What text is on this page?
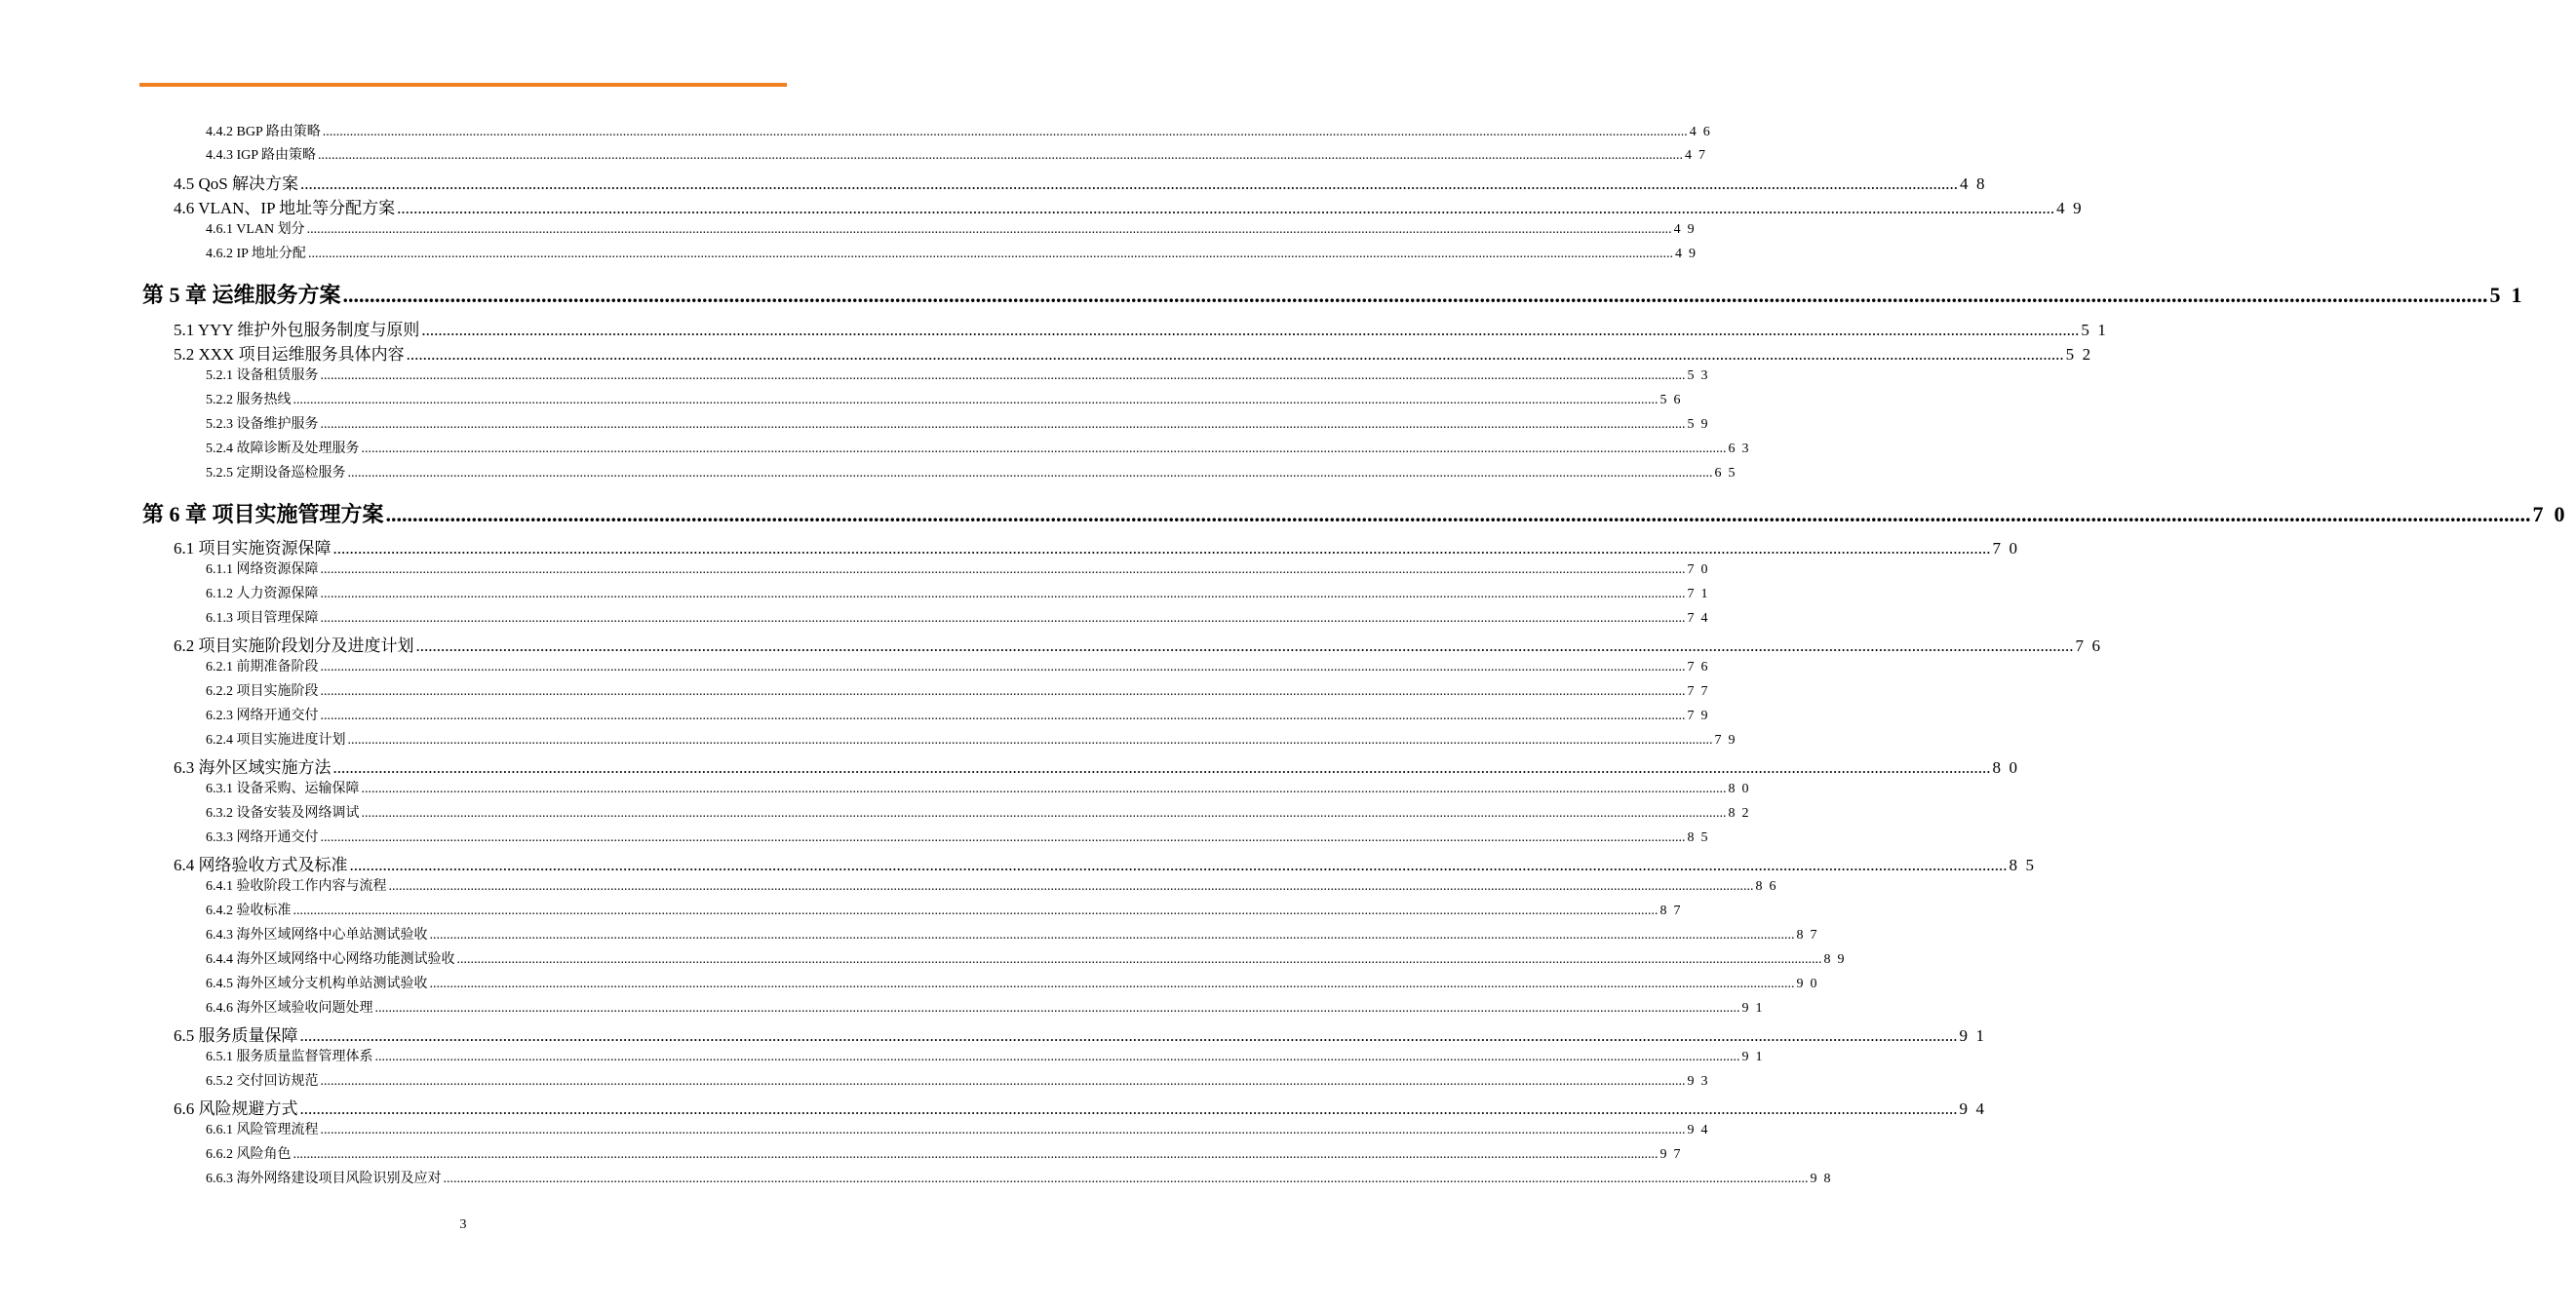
4.4.2 BGP 路由策略 ................................................................................................................................................................................................................................................................................................................................................................................................................ 46
4.4.3 IGP 路由策略 ................................................................................................................................................................................................................................................................................................................................................................................................................ 47
4.5 QoS 解决方案 ................................................................................................................................................................................................................................................................................................................................................................................................................ 48
4.6 VLAN、IP 地址等分配方案 ................................................................................................................................................................................................................................................................................................................................................................................................................ 49
4.6.1 VLAN 划分 ................................................................................................................................................................................................................................................................................................................................................................................................................ 49
4.6.2 IP 地址分配 ................................................................................................................................................................................................................................................................................................................................................................................................................ 49
第 5 章 运维服务方案 ................................................................................................................................................................................................................................................................................................................................................................................................................ 51
5.1 YYY 维护外包服务制度与原则 ................................................................................................................................................................................................................................................................................................................................................................................................................ 51
5.2 XXX 项目运维服务具体内容 ................................................................................................................................................................................................................................................................................................................................................................................................................ 52
5.2.1 设备租赁服务 ................................................................................................................................................................................................................................................................................................................................................................................................................ 53
5.2.2 服务热线 ................................................................................................................................................................................................................................................................................................................................................................................................................ 56
5.2.3 设备维护服务 ................................................................................................................................................................................................................................................................................................................................................................................................................ 59
5.2.4 故障诊断及处理服务 ................................................................................................................................................................................................................................................................................................................................................................................................................ 63
5.2.5 定期设备巡检服务 ................................................................................................................................................................................................................................................................................................................................................................................................................ 65
第 6 章 项目实施管理方案 ................................................................................................................................................................................................................................................................................................................................................................................................................ 70
6.1 项目实施资源保障 ................................................................................................................................................................................................................................................................................................................................................................................................................ 70
6.1.1 网络资源保障 ................................................................................................................................................................................................................................................................................................................................................................................................................ 70
6.1.2 人力资源保障 ................................................................................................................................................................................................................................................................................................................................................................................................................ 71
6.1.3 项目管理保障 ................................................................................................................................................................................................................................................................................................................................................................................................................ 74
6.2 项目实施阶段划分及进度计划 ................................................................................................................................................................................................................................................................................................................................................................................................................ 76
6.2.1 前期准备阶段 ................................................................................................................................................................................................................................................................................................................................................................................................................ 76
6.2.2 项目实施阶段 ................................................................................................................................................................................................................................................................................................................................................................................................................ 77
6.2.3 网络开通交付 ................................................................................................................................................................................................................................................................................................................................................................................................................ 79
6.2.4 项目实施进度计划 ................................................................................................................................................................................................................................................................................................................................................................................................................ 79
6.3 海外区域实施方法 ................................................................................................................................................................................................................................................................................................................................................................................................................ 80
6.3.1 设备采购、运输保障 ................................................................................................................................................................................................................................................................................................................................................................................................................ 80
6.3.2 设备安装及网络调试 ................................................................................................................................................................................................................................................................................................................................................................................................................ 82
6.3.3 网络开通交付 ................................................................................................................................................................................................................................................................................................................................................................................................................ 85
6.4 网络验收方式及标准 ................................................................................................................................................................................................................................................................................................................................................................................................................ 85
6.4.1 验收阶段工作内容与流程 ................................................................................................................................................................................................................................................................................................................................................................................................................ 86
6.4.2 验收标准 ................................................................................................................................................................................................................................................................................................................................................................................................................ 87
6.4.3 海外区域网络中心单站测试验收 ................................................................................................................................................................................................................................................................................................................................................................................................................ 87
6.4.4 海外区域网络中心网络功能测试验收 ................................................................................................................................................................................................................................................................................................................................................................................................................ 89
6.4.5 海外区域分支机构单站测试验收 ................................................................................................................................................................................................................................................................................................................................................................................................................ 90
6.4.6 海外区域验收问题处理 ................................................................................................................................................................................................................................................................................................................................................................................................................ 91
6.5 服务质量保障 ................................................................................................................................................................................................................................................................................................................................................................................................................ 91
6.5.1 服务质量监督管理体系 ................................................................................................................................................................................................................................................................................................................................................................................................................ 91
6.5.2 交付回访规范 ................................................................................................................................................................................................................................................................................................................................................................................................................ 93
6.6 风险规避方式 ................................................................................................................................................................................................................................................................................................................................................................................................................ 94
6.6.1 风险管理流程 ................................................................................................................................................................................................................................................................................................................................................................................................................ 94
6.6.2 风险角色 ................................................................................................................................................................................................................................................................................................................................................................................................................ 97
6.6.3 海外网络建设项目风险识别及应对 ................................................................................................................................................................................................................................................................................................................................................................................................................ 98
3
